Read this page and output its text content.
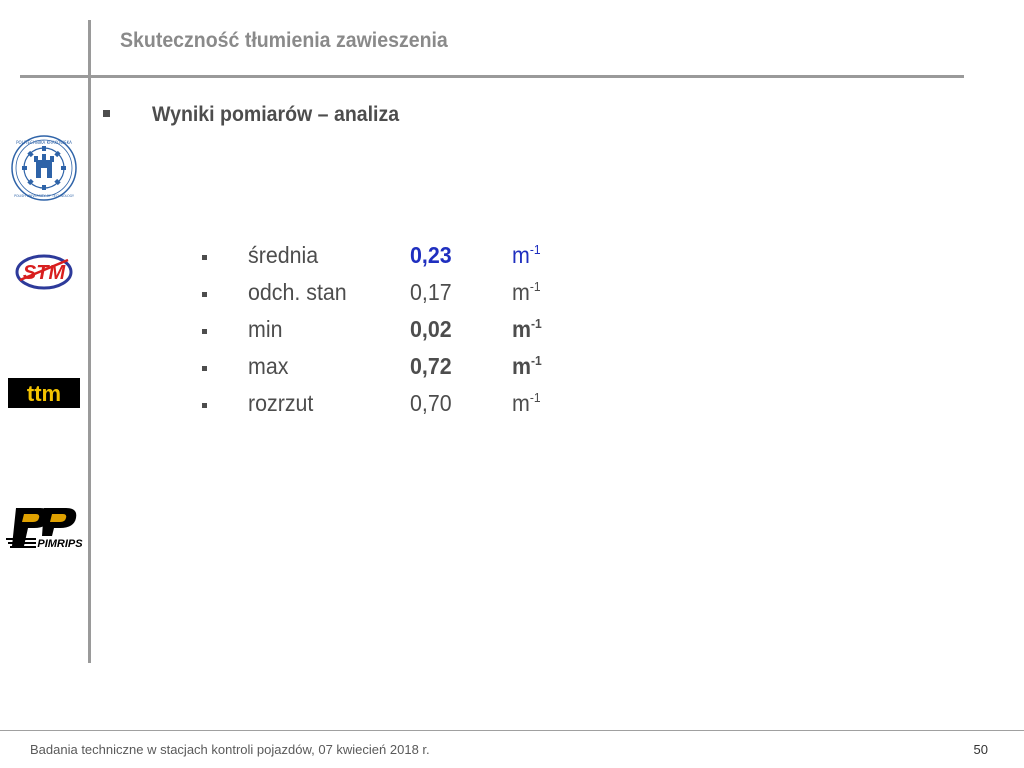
Skuteczność tłumienia zawieszenia
Wyniki pomiarów – analiza
POLITECHNIKA KRAKOWSKA
POLISH UNIVERSITY OF TECHNOLOGY
STM
ttm
PIMRIPS
średnia	0,23	$m^{-1}$
odch. stan	0,17	$m^{-1}$
min	0,02	$m^{-1}$
max	0,72	$m^{-1}$
rozrzut	0,70	$m^{-1}$
Badania techniczne w stacjach kontroli pojazdów, 07 kwiecień 2018 r.	50
